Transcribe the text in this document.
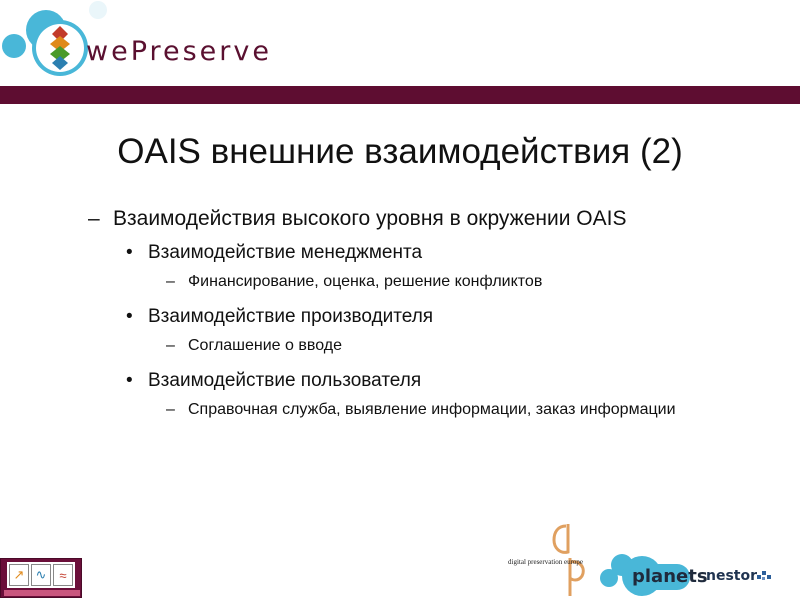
wePreserve
OAIS внешние взаимодействия (2)
– Взаимодействия высокого уровня в окружении OAIS
• Взаимодействие менеджмента
– Финансирование, оценка, решение конфликтов
• Взаимодействие производителя
– Соглашение о вводе
• Взаимодействие пользователя
– Справочная служба, выявление информации, заказ информации
↗ ∿ ≈
digital preservation europe
planets
nestor
